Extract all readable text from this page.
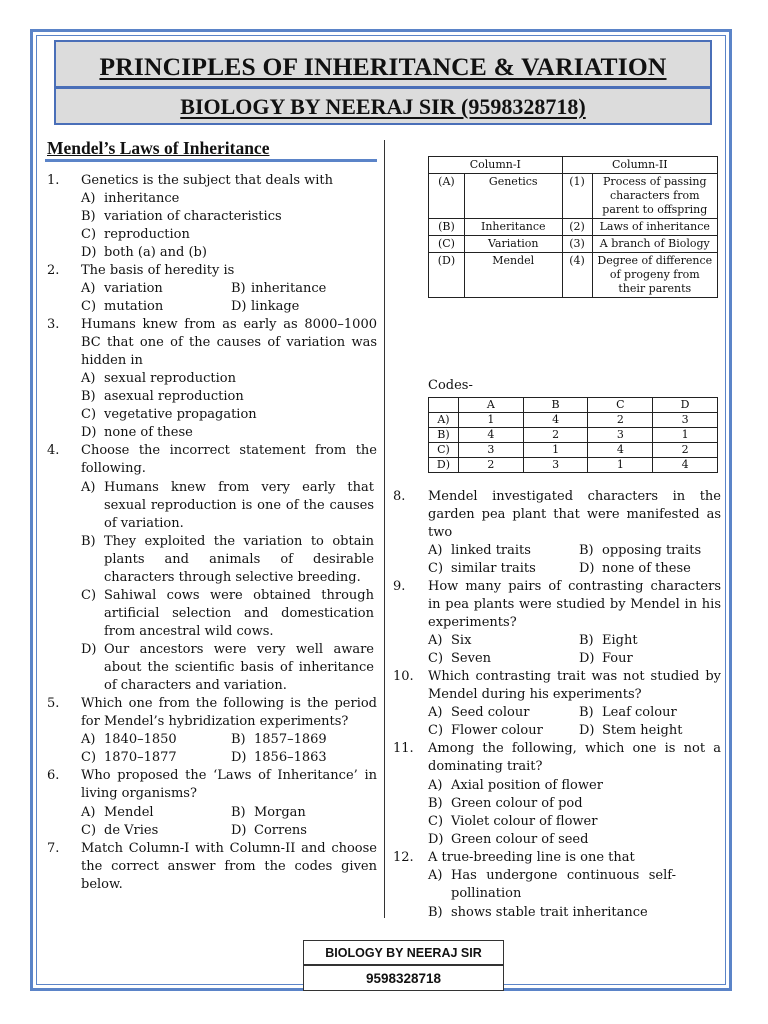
PRINCIPLES OF INHERITANCE & VARIATION
BIOLOGY BY NEERAJ SIR (9598328718)
Mendel’s Laws of Inheritance
1.	Genetics is the subject that deals with
A) inheritance
B) variation of characteristics
C) reproduction
D) both (a) and (b)
2.	The basis of heredity is
A) variation	B) inheritance
C) mutation	D) linkage
3.	Humans knew from as early as 8000–1000 BC that one of the causes of variation was hidden in
A) sexual reproduction
B) asexual reproduction
C) vegetative propagation
D) none of these
4.	Choose the incorrect statement from the following.
A) Humans knew from very early that sexual reproduction is one of the causes of variation.
B) They exploited the variation to obtain plants and animals of desirable characters through selective breeding.
C) Sahiwal cows were obtained through artificial selection and domestication from ancestral wild cows.
D) Our ancestors were very well aware about the scientific basis of inheritance of characters and variation.
5.	Which one from the following is the period for Mendel’s hybridization experiments?
A) 1840–1850	B) 1857–1869
C) 1870–1877	D) 1856–1863
6.	Who proposed the ‘Laws of Inheritance’ in living organisms?
A) Mendel	B) Morgan
C) de Vries	D) Correns
7.	Match Column-I with Column-II and choose the correct answer from the codes given below.
Column-I		Column-II	
(A)	Genetics	(1)	Process of passing characters from parent to offspring
(B)	Inheritance	(2)	Laws of inheritance
(C)	Variation	(3)	A branch of Biology
(D)	Mendel	(4)	Degree of difference of progeny from their parents
Codes-
	A	B	C	D
A)	1	4	2	3
B)	4	2	3	1
C)	3	1	4	2
D)	2	3	1	4
8.	Mendel investigated characters in the garden pea plant that were manifested as two
A) linked traits	B) opposing traits
C) similar traits	D) none of these
9.	How many pairs of contrasting characters in pea plants were studied by Mendel in his experiments?
A) Six	B) Eight
C) Seven	D) Four
10.	Which contrasting trait was not studied by Mendel during his experiments?
A) Seed colour	B) Leaf colour
C) Flower colour	D) Stem height
11.	Among the following, which one is not a dominating trait?
A) Axial position of flower
B) Green colour of pod
C) Violet colour of flower
D) Green colour of seed
12.	A true-breeding line is one that
A) Has undergone continuous self-pollination
B) shows stable trait inheritance
BIOLOGY BY NEERAJ SIR
9598328718
